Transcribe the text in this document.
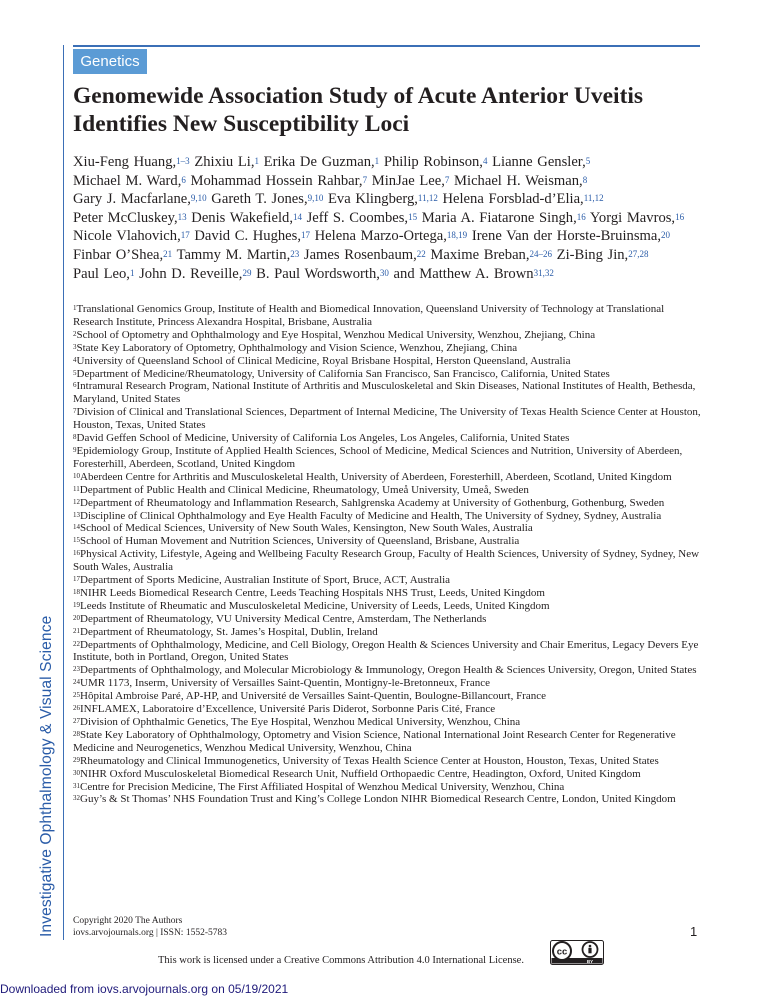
Investigative Ophthalmology & Visual Science
Genetics
Genomewide Association Study of Acute Anterior Uveitis Identifies New Susceptibility Loci

Xiu-Feng Huang,$^{1-3}$ Zhixiu Li,$^1$ Erika De Guzman,$^1$ Philip Robinson,$^4$ Lianne Gensler,$^5$ Michael M. Ward,$^6$ Mohammad Hossein Rahbar,$^7$ MinJae Lee,$^7$ Michael H. Weisman,$^8$ Gary J. Macfarlane,$^{9,10}$ Gareth T. Jones,$^{9,10}$ Eva Klingberg,$^{11,12}$ Helena Forsblad-d’Elia,$^{11,12}$ Peter McCluskey,$^{13}$ Denis Wakefield,$^{14}$ Jeff S. Coombes,$^{15}$ Maria A. Fiatarone Singh,$^{16}$ Yorgi Mavros,$^{16}$ Nicole Vlahovich,$^{17}$ David C. Hughes,$^{17}$ Helena Marzo-Ortega,$^{18,19}$ Irene Van der Horste-Bruinsma,$^{20}$ Finbar O’Shea,$^{21}$ Tammy M. Martin,$^{23}$ James Rosenbaum,$^{22}$ Maxime Breban,$^{24-26}$ Zi-Bing Jin,$^{27,28}$ Paul Leo,$^1$ John D. Reveille,$^{29}$ B. Paul Wordsworth,$^{30}$ and Matthew A. Brown$^{31,32}$

$^1$Translational Genomics Group, Institute of Health and Biomedical Innovation, Queensland University of Technology at Translational Research Institute, Princess Alexandra Hospital, Brisbane, Australia
$^2$School of Optometry and Ophthalmology and Eye Hospital, Wenzhou Medical University, Wenzhou, Zhejiang, China
$^3$State Key Laboratory of Optometry, Ophthalmology and Vision Science, Wenzhou, Zhejiang, China
$^4$University of Queensland School of Clinical Medicine, Royal Brisbane Hospital, Herston Queensland, Australia
$^5$Department of Medicine/Rheumatology, University of California San Francisco, San Francisco, California, United States
$^6$Intramural Research Program, National Institute of Arthritis and Musculoskeletal and Skin Diseases, National Institutes of Health, Bethesda, Maryland, United States
$^7$Division of Clinical and Translational Sciences, Department of Internal Medicine, The University of Texas Health Science Center at Houston, Houston, Texas, United States
$^8$David Geffen School of Medicine, University of California Los Angeles, Los Angeles, California, United States
$^9$Epidemiology Group, Institute of Applied Health Sciences, School of Medicine, Medical Sciences and Nutrition, University of Aberdeen, Foresterhill, Aberdeen, Scotland, United Kingdom
$^{10}$Aberdeen Centre for Arthritis and Musculoskeletal Health, University of Aberdeen, Foresterhill, Aberdeen, Scotland, United Kingdom
$^{11}$Department of Public Health and Clinical Medicine, Rheumatology, Umeå University, Umeå, Sweden
$^{12}$Department of Rheumatology and Inflammation Research, Sahlgrenska Academy at University of Gothenburg, Gothenburg, Sweden
$^{13}$Discipline of Clinical Ophthalmology and Eye Health Faculty of Medicine and Health, The University of Sydney, Sydney, Australia
$^{14}$School of Medical Sciences, University of New South Wales, Kensington, New South Wales, Australia
$^{15}$School of Human Movement and Nutrition Sciences, University of Queensland, Brisbane, Australia
$^{16}$Physical Activity, Lifestyle, Ageing and Wellbeing Faculty Research Group, Faculty of Health Sciences, University of Sydney, Sydney, New South Wales, Australia
$^{17}$Department of Sports Medicine, Australian Institute of Sport, Bruce, ACT, Australia
$^{18}$NIHR Leeds Biomedical Research Centre, Leeds Teaching Hospitals NHS Trust, Leeds, United Kingdom
$^{19}$Leeds Institute of Rheumatic and Musculoskeletal Medicine, University of Leeds, Leeds, United Kingdom
$^{20}$Department of Rheumatology, VU University Medical Centre, Amsterdam, The Netherlands
$^{21}$Department of Rheumatology, St. James’s Hospital, Dublin, Ireland
$^{22}$Departments of Ophthalmology, Medicine, and Cell Biology, Oregon Health & Sciences University and Chair Emeritus, Legacy Devers Eye Institute, both in Portland, Oregon, United States
$^{23}$Departments of Ophthalmology, and Molecular Microbiology & Immunology, Oregon Health & Sciences University, Oregon, United States
$^{24}$UMR 1173, Inserm, University of Versailles Saint-Quentin, Montigny-le-Bretonneux, France
$^{25}$Hôpital Ambroise Paré, AP-HP, and Université de Versailles Saint-Quentin, Boulogne-Billancourt, France
$^{26}$INFLAMEX, Laboratoire d’Excellence, Université Paris Diderot, Sorbonne Paris Cité, France
$^{27}$Division of Ophthalmic Genetics, The Eye Hospital, Wenzhou Medical University, Wenzhou, China
$^{28}$State Key Laboratory of Ophthalmology, Optometry and Vision Science, National International Joint Research Center for Regenerative Medicine and Neurogenetics, Wenzhou Medical University, Wenzhou, China
$^{29}$Rheumatology and Clinical Immunogenetics, University of Texas Health Science Center at Houston, Houston, Texas, United States
$^{30}$NIHR Oxford Musculoskeletal Biomedical Research Unit, Nuffield Orthopaedic Centre, Headington, Oxford, United Kingdom
$^{31}$Centre for Precision Medicine, The First Affiliated Hospital of Wenzhou Medical University, Wenzhou, China
$^{32}$Guy’s & St Thomas’ NHS Foundation Trust and King’s College London NIHR Biomedical Research Centre, London, United Kingdom
Copyright 2020 The Authors
iovs.arvojournals.org | ISSN: 1552-5783	1
This work is licensed under a Creative Commons Attribution 4.0 International License.
cc
BY
Downloaded from iovs.arvojournals.org on 05/19/2021
